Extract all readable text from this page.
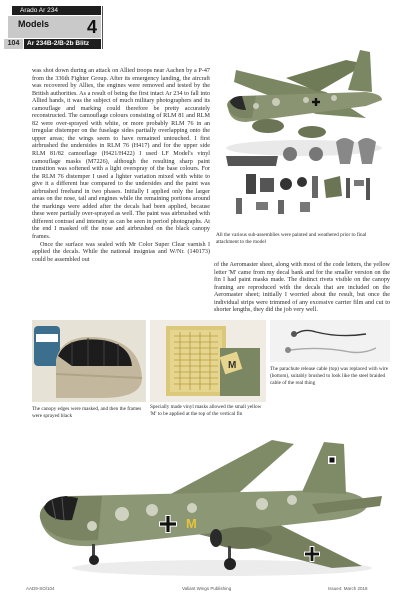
Arado Ar 234
Models 4
104	Ar 234B-2/B-2b Blitz

was shot down during an attack on Allied troops near Aachen by a P-47 from the 336th Fighter Group. After its emergency landing, the aircraft was recovered by Allies, the engines were removed and tested by the British authorities. As a result of being the first intact Ar 234 to fall into Allied hands, it was the subject of much military photographers and its camouflage and marking could therefore be pretty accurately reconstructed. The camouflage colours consisting of RLM 81 and RLM 82 were over-sprayed with white, or more probably RLM 76 in an irregular distemper on the fuselage sides partially overlapping onto the upper areas; the wings seem to have remained untouched. I first airbrushed the undersides in RLM 76 (H417) and for the upper side RLM 81/82 camouflage (H421/H422) I used LF Model's vinyl camouflage masks (M7226), although the resulting sharp paint transition was softened with a light overspray of the base colours. For the RLM 76 distemper I used a lighter variation mixed with white to give it a different hue compared to the undersides and the paint was airbrushed freehand in two phases. Initially I applied only the larger areas on the nose, tail and engines while the remaining portions around the markings were added after the decals had been applied, because these were partially over-sprayed as well. The paint was airbrushed with different contrast and intensity as can be seen in period photographs. At the end I masked off the nose and airbrushed on the black canopy frames.

Once the surface was sealed with Mr Color Super Clear varnish I applied the decals. While the national insignias and W/Nr. (140173) could be assembled out

All the various sub-assemblies were painted and weathered prior to final attachment to the model
of the Aeromaster sheet, along with most of the code letters, the yellow letter 'M' came from my decal bank and for the smaller version on the fin I had paint masks made. The distinct rivets visible on the canopy framing are reproduced with the decals that are included on the Aeromaster sheet; initially I worried about the result, but once the individual strips were trimmed of any excessive carrier film and cut to shorter lengths, they did the job very well.
M	The parachute release cable (top) was replaced with wire (bottom), suitably brushed to look like the steel braided cable of the real thing
The canopy edges were masked, and then the frames were sprayed black
Specially made vinyl masks allowed the small yellow 'M' to be applied at the top of the vertical fin
M
AAD9-SO/104	Valiant Wings Publishing	Issue4: March 2018
